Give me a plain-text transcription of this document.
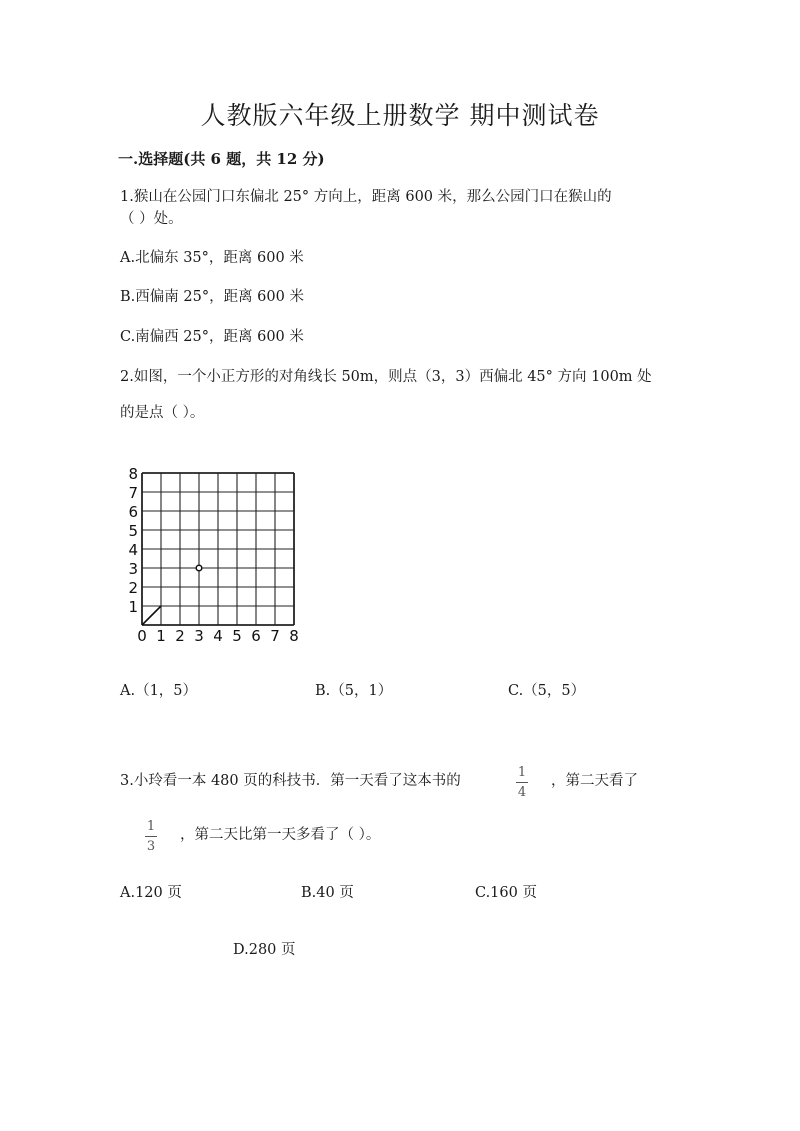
人教版六年级上册数学 期中测试卷
一.选择题(共 6 题，共 12 分)
1.猴山在公园门口东偏北 25° 方向上，距离 600 米，那么公园门口在猴山的
（ ）处。
A.北偏东 35°，距离 600 米
B.西偏南 25°，距离 600 米
C.南偏西 25°，距离 600 米
2.如图，一个小正方形的对角线长 50m，则点（3，3）西偏北 45° 方向 100m 处
的是点（ ）。
0 1 2 3 4 5 6 7 8
1
2
3
4
5
6
7
8
A.（1，5）	B.（5，1）	C.（5，5）
3.小玲看一本 480 页的科技书．第一天看了这本书的
1
4
，第二天看了
1
3
，第二天比第一天多看了（ ）。
A.120 页	B.40 页	C.160 页
D.280 页
